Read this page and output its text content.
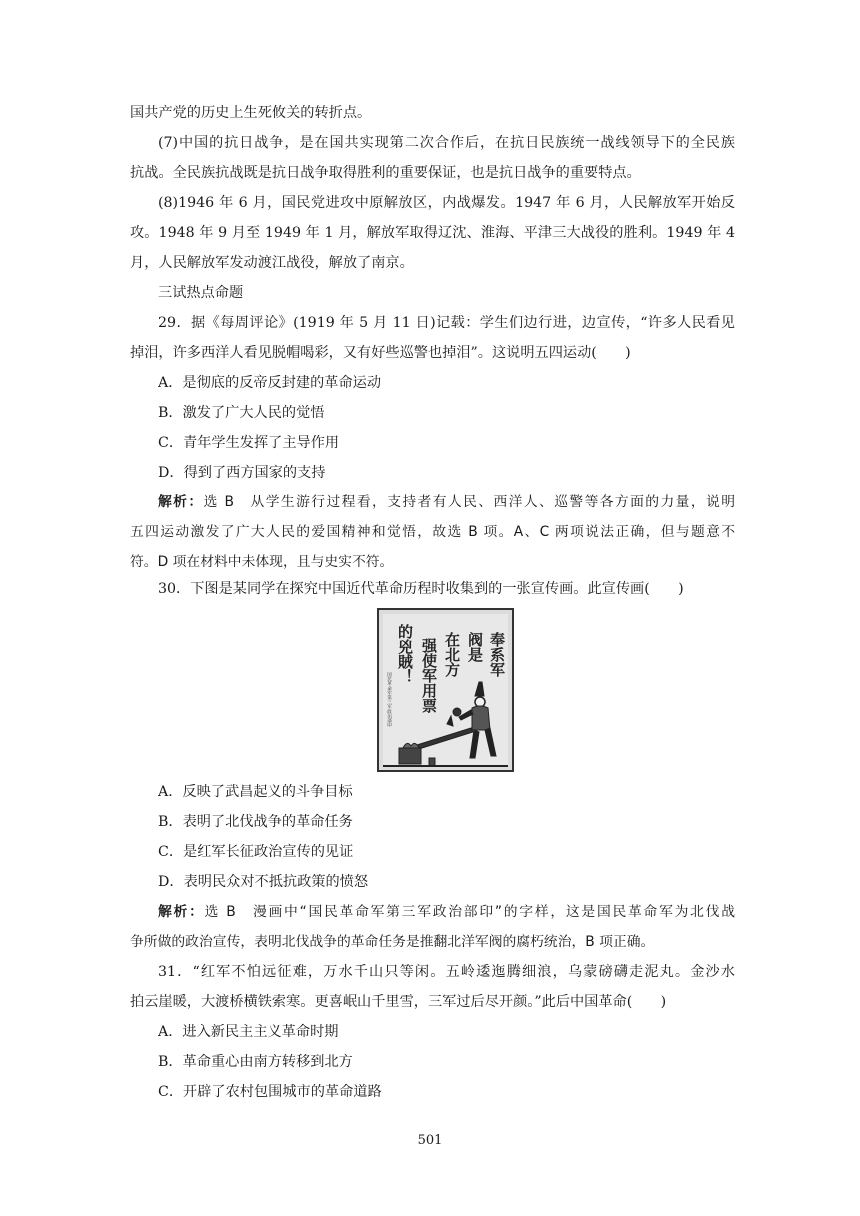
国共产党的历史上生死攸关的转折点。
(7)中国的抗日战争，是在国共实现第二次合作后，在抗日民族统一战线领导下的全民族
抗战。全民族抗战既是抗日战争取得胜利的重要保证，也是抗日战争的重要特点。
(8)1946 年 6 月，国民党进攻中原解放区，内战爆发。1947 年 6 月，人民解放军开始反
攻。1948 年 9 月至 1949 年 1 月，解放军取得辽沈、淮海、平津三大战役的胜利。1949 年 4
月，人民解放军发动渡江战役，解放了南京。
三试热点命题
29．据《每周评论》(1919 年 5 月 11 日)记载：学生们边行进，边宣传，“许多人民看见
掉泪，许多西洋人看见脱帽喝彩，又有好些巡警也掉泪”。这说明五四运动(　　)
A．是彻底的反帝反封建的革命运动
B．激发了广大人民的觉悟
C．青年学生发挥了主导作用
D．得到了西方国家的支持
解析：选 B　从学生游行过程看，支持者有人民、西洋人、巡警等各方面的力量，说明
五四运动激发了广大人民的爱国精神和觉悟，故选 B 项。A、C 两项说法正确，但与题意不
符。D 项在材料中未体现，且与史实不符。
30．下图是某同学在探究中国近代革命历程时收集到的一张宣传画。此宣传画(　　)
奉系军
阀是
在北方
强使军用票
的兇賊！
国民革命军第三军政治部印
A．反映了武昌起义的斗争目标
B．表明了北伐战争的革命任务
C．是红军长征政治宣传的见证
D．表明民众对不抵抗政策的愤怒
解析：选 B　漫画中“国民革命军第三军政治部印”的字样，这是国民革命军为北伐战
争所做的政治宣传，表明北伐战争的革命任务是推翻北洋军阀的腐朽统治，B 项正确。
31．“红军不怕远征难，万水千山只等闲。五岭逶迤腾细浪，乌蒙磅礴走泥丸。金沙水
拍云崖暖，大渡桥横铁索寒。更喜岷山千里雪，三军过后尽开颜。”此后中国革命(　　)
A．进入新民主主义革命时期
B．革命重心由南方转移到北方
C．开辟了农村包围城市的革命道路
501
